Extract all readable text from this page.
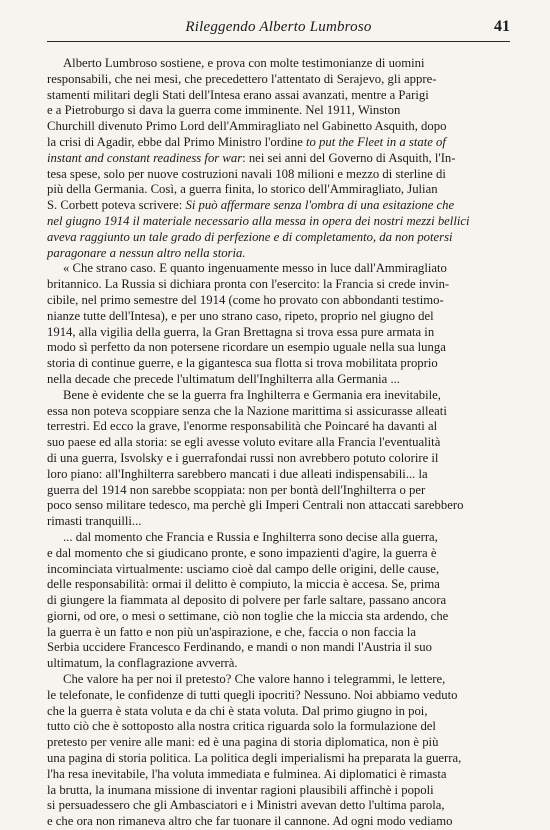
Rileggendo Alberto Lumbroso	41

Alberto Lumbroso sostiene, e prova con molte testimonianze di uomini
responsabili, che nei mesi, che precedettero l'attentato di Serajevo, gli appre-
stamenti militari degli Stati dell'Intesa erano assai avanzati, mentre a Parigi
e a Pietroburgo si dava la guerra come imminente. Nel 1911, Winston
Churchill divenuto Primo Lord dell'Ammiragliato nel Gabinetto Asquith, dopo
la crisi di Agadir, ebbe dal Primo Ministro l'ordine to put the Fleet in a state of
instant and constant readiness for war: nei sei anni del Governo di Asquith, l'In-
tesa spese, solo per nuove costruzioni navali 108 milioni e mezzo di sterline di
più della Germania. Così, a guerra finita, lo storico dell'Ammiragliato, Julian
S. Corbett poteva scrivere: Si può affermare senza l'ombra di una esitazione che
nel giugno 1914 il materiale necessario alla messa in opera dei nostri mezzi bellici
aveva raggiunto un tale grado di perfezione e di completamento, da non potersi
paragonare a nessun altro nella storia.

« Che strano caso. E quanto ingenuamente messo in luce dall'Ammiragliato
britannico. La Russia si dichiara pronta con l'esercito: la Francia si crede invin-
cibile, nel primo semestre del 1914 (come ho provato con abbondanti testimo-
nianze tutte dell'Intesa), e per uno strano caso, ripeto, proprio nel giugno del
1914, alla vigilia della guerra, la Gran Brettagna si trova essa pure armata in
modo sì perfetto da non potersene ricordare un esempio uguale nella sua lunga
storia di continue guerre, e la gigantesca sua flotta si trova mobilitata proprio
nella decade che precede l'ultimatum dell'Inghilterra alla Germania ...

Bene è evidente che se la guerra fra Inghilterra e Germania era inevitabile,
essa non poteva scoppiare senza che la Nazione marittima si assicurasse alleati
terrestri. Ed ecco la grave, l'enorme responsabilità che Poincaré ha davanti al
suo paese ed alla storia: se egli avesse voluto evitare alla Francia l'eventualità
di una guerra, Isvolsky e i guerrafondai russi non avrebbero potuto colorire il
loro piano: all'Inghilterra sarebbero mancati i due alleati indispensabili... la
guerra del 1914 non sarebbe scoppiata: non per bontà dell'Inghilterra o per
poco senso militare tedesco, ma perchè gli Imperi Centrali non attaccati sarebbero
rimasti tranquilli...

... dal momento che Francia e Russia e Inghilterra sono decise alla guerra,
e dal momento che si giudicano pronte, e sono impazienti d'agire, la guerra è
incominciata virtualmente: usciamo cioè dal campo delle origini, delle cause,
delle responsabilità: ormai il delitto è compiuto, la miccia è accesa. Se, prima
di giungere la fiammata al deposito di polvere per farle saltare, passano ancora
giorni, od ore, o mesi o settimane, ciò non toglie che la miccia sta ardendo, che
la guerra è un fatto e non più un'aspirazione, e che, faccia o non faccia la
Serbia uccidere Francesco Ferdinando, e mandi o non mandi l'Austria il suo
ultimatum, la conflagrazione avverrà.

Che valore ha per noi il pretesto? Che valore hanno i telegrammi, le lettere,
le telefonate, le confidenze di tutti quegli ipocriti? Nessuno. Noi abbiamo veduto
che la guerra è stata voluta e da chi è stata voluta. Dal primo giugno in poi,
tutto ciò che è sottoposto alla nostra critica riguarda solo la formulazione del
pretesto per venire alle mani: ed è una pagina di storia diplomatica, non è più
una pagina di storia politica. La politica degli imperialismi ha preparata la guerra,
l'ha resa inevitabile, l'ha voluta immediata e fulminea. Ai diplomatici è rimasta
la brutta, la inumana missione di inventar ragioni plausibili affinchè i popoli
si persuadessero che gli Ambasciatori e i Ministri avevan detto l'ultima parola,
e che ora non rimaneva altro che far tuonare il cannone. Ad ogni modo vediamo
